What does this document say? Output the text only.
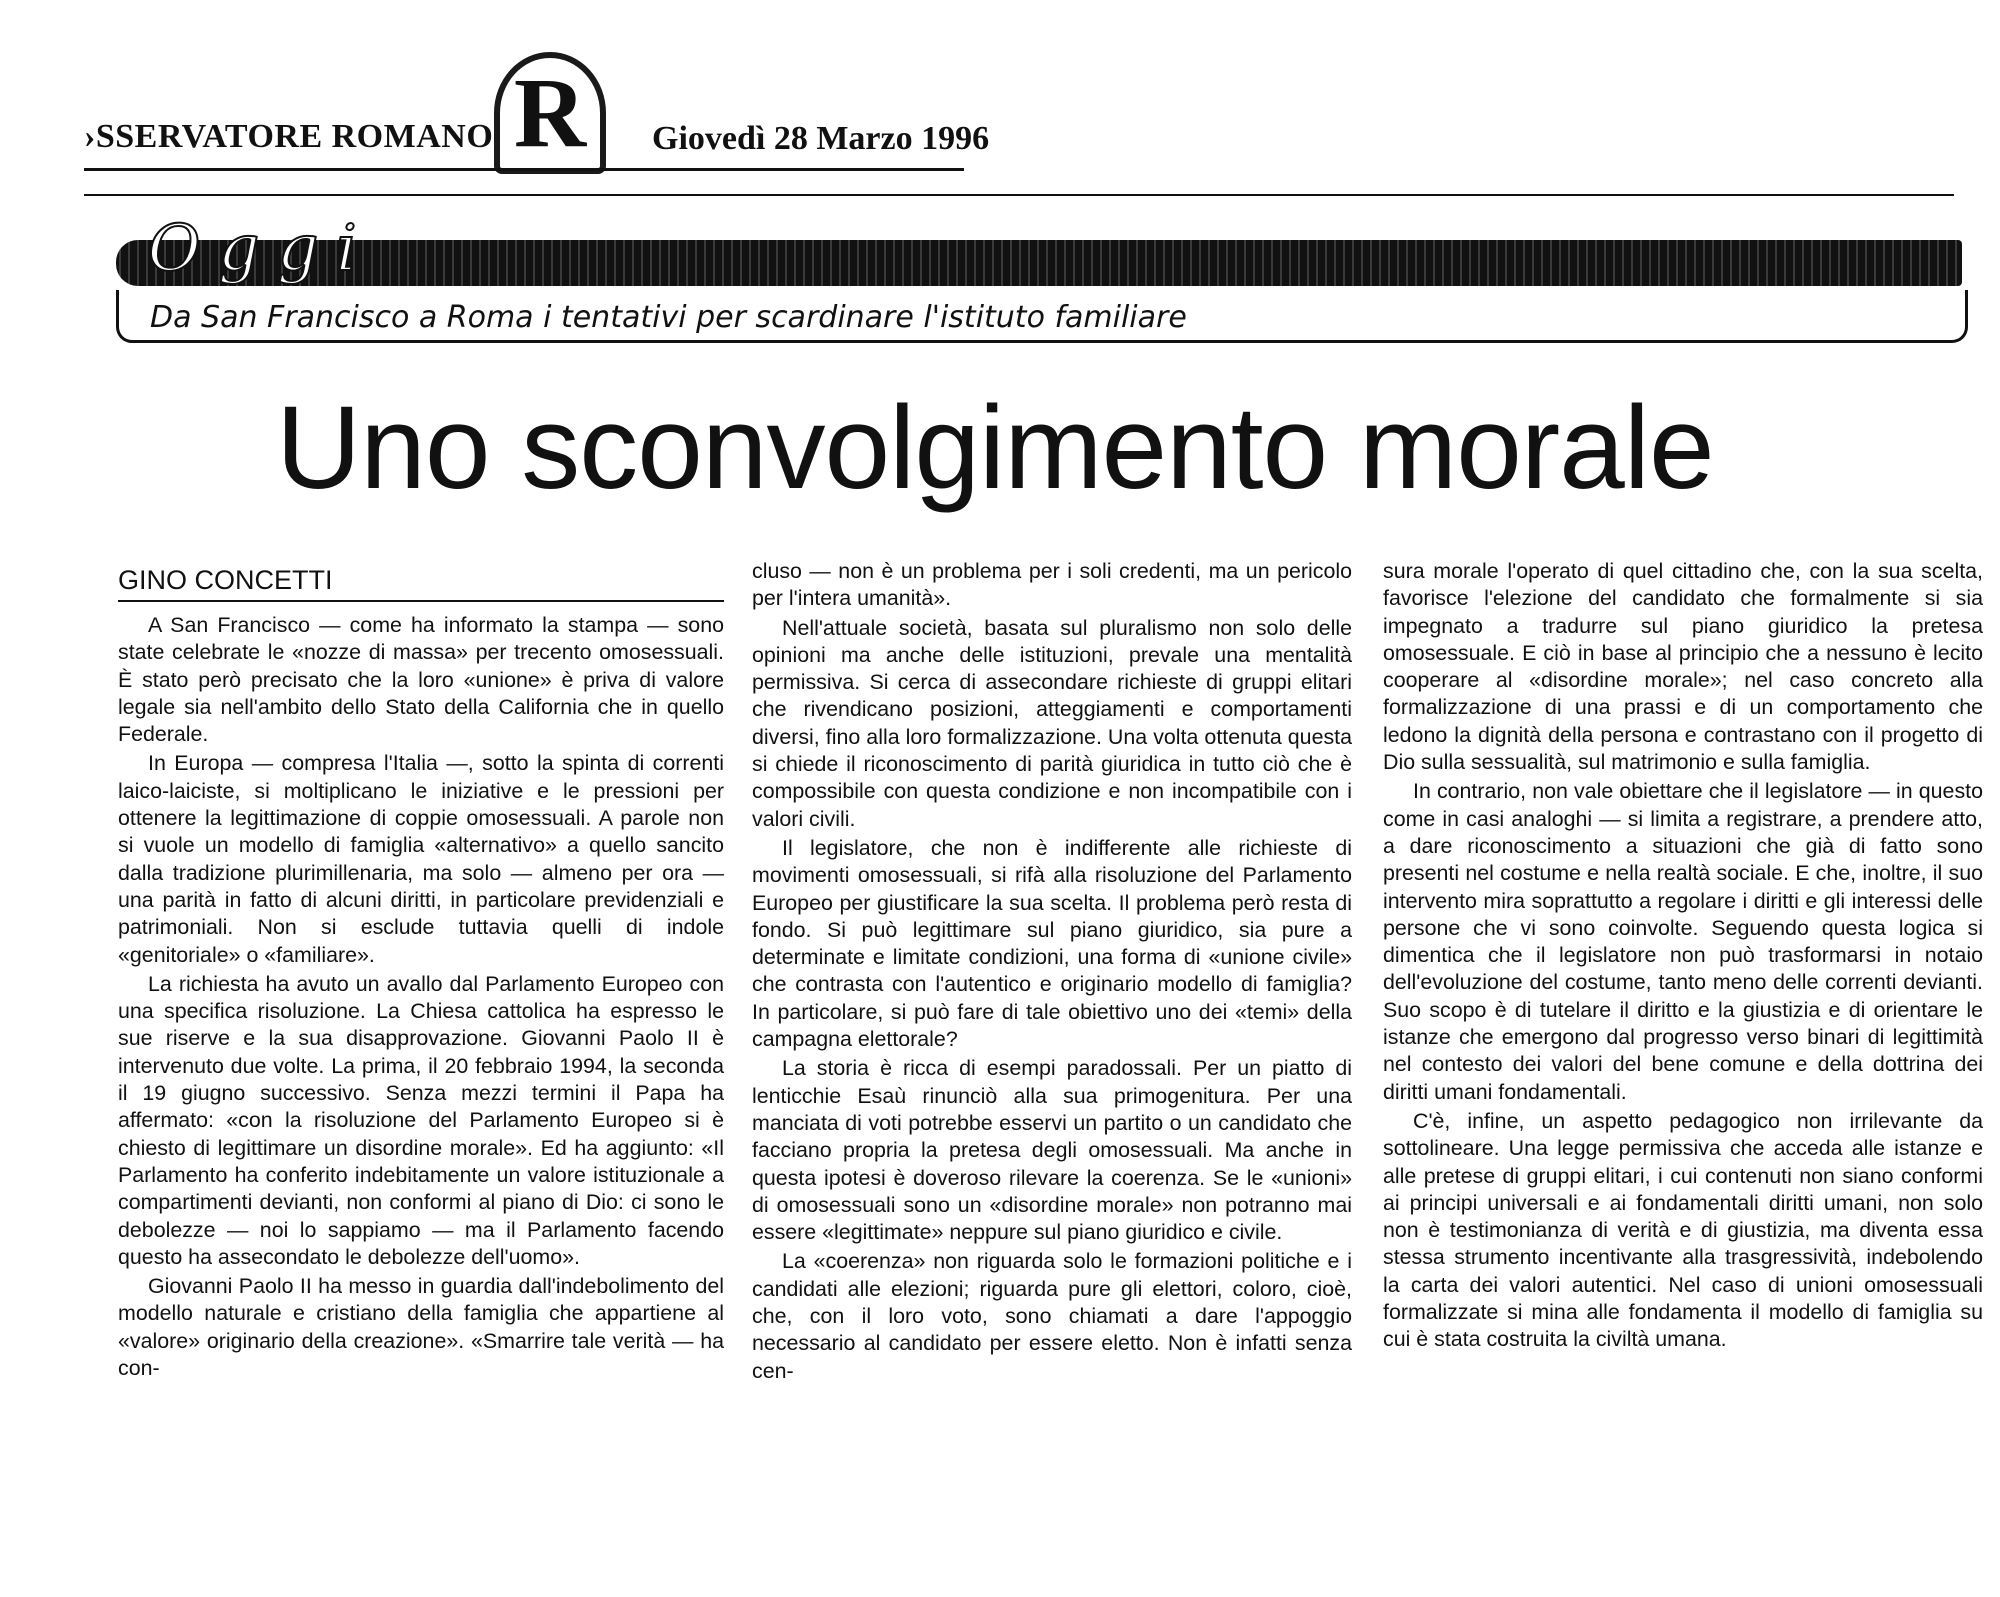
›SSERVATORE ROMANO R Giovedì 28 Marzo 1996
Oggi
Da San Francisco a Roma i tentativi per scardinare l'istituto familiare
Uno sconvolgimento morale
GINO CONCETTI

A San Francisco — come ha informato la stampa — sono state celebrate le «nozze di massa» per trecento omosessuali. È stato però precisato che la loro «unione» è priva di valore legale sia nell'ambito dello Stato della California che in quello Federale.

In Europa — compresa l'Italia —, sotto la spinta di correnti laico-laiciste, si moltiplicano le iniziative e le pressioni per ottenere la legittimazione di coppie omosessuali. A parole non si vuole un modello di famiglia «alternativo» a quello sancito dalla tradizione plurimillenaria, ma solo — almeno per ora — una parità in fatto di alcuni diritti, in particolare previdenziali e patrimoniali. Non si esclude tuttavia quelli di indole «genitoriale» o «familiare».

La richiesta ha avuto un avallo dal Parlamento Europeo con una specifica risoluzione. La Chiesa cattolica ha espresso le sue riserve e la sua disapprovazione. Giovanni Paolo II è intervenuto due volte. La prima, il 20 febbraio 1994, la seconda il 19 giugno successivo. Senza mezzi termini il Papa ha affermato: «con la risoluzione del Parlamento Europeo si è chiesto di legittimare un disordine morale». Ed ha aggiunto: «Il Parlamento ha conferito indebitamente un valore istituzionale a compartimenti devianti, non conformi al piano di Dio: ci sono le debolezze — noi lo sappiamo — ma il Parlamento facendo questo ha assecondato le debolezze dell'uomo».

Giovanni Paolo II ha messo in guardia dall'indebolimento del modello naturale e cristiano della famiglia che appartiene al «valore» originario della creazione». «Smarrire tale verità — ha con-

cluso — non è un problema per i soli credenti, ma un pericolo per l'intera umanità».

Nell'attuale società, basata sul pluralismo non solo delle opinioni ma anche delle istituzioni, prevale una mentalità permissiva. Si cerca di assecondare richieste di gruppi elitari che rivendicano posizioni, atteggiamenti e comportamenti diversi, fino alla loro formalizzazione. Una volta ottenuta questa si chiede il riconoscimento di parità giuridica in tutto ciò che è compossibile con questa condizione e non incompatibile con i valori civili.

Il legislatore, che non è indifferente alle richieste di movimenti omosessuali, si rifà alla risoluzione del Parlamento Europeo per giustificare la sua scelta. Il problema però resta di fondo. Si può legittimare sul piano giuridico, sia pure a determinate e limitate condizioni, una forma di «unione civile» che contrasta con l'autentico e originario modello di famiglia? In particolare, si può fare di tale obiettivo uno dei «temi» della campagna elettorale?

La storia è ricca di esempi paradossali. Per un piatto di lenticchie Esaù rinunciò alla sua primogenitura. Per una manciata di voti potrebbe esservi un partito o un candidato che facciano propria la pretesa degli omosessuali. Ma anche in questa ipotesi è doveroso rilevare la coerenza. Se le «unioni» di omosessuali sono un «disordine morale» non potranno mai essere «legittimate» neppure sul piano giuridico e civile.

La «coerenza» non riguarda solo le formazioni politiche e i candidati alle elezioni; riguarda pure gli elettori, coloro, cioè, che, con il loro voto, sono chiamati a dare l'appoggio necessario al candidato per essere eletto. Non è infatti senza cen-

sura morale l'operato di quel cittadino che, con la sua scelta, favorisce l'elezione del candidato che formalmente si sia impegnato a tradurre sul piano giuridico la pretesa omosessuale. E ciò in base al principio che a nessuno è lecito cooperare al «disordine morale»; nel caso concreto alla formalizzazione di una prassi e di un comportamento che ledono la dignità della persona e contrastano con il progetto di Dio sulla sessualità, sul matrimonio e sulla famiglia.

In contrario, non vale obiettare che il legislatore — in questo come in casi analoghi — si limita a registrare, a prendere atto, a dare riconoscimento a situazioni che già di fatto sono presenti nel costume e nella realtà sociale. E che, inoltre, il suo intervento mira soprattutto a regolare i diritti e gli interessi delle persone che vi sono coinvolte. Seguendo questa logica si dimentica che il legislatore non può trasformarsi in notaio dell'evoluzione del costume, tanto meno delle correnti devianti. Suo scopo è di tutelare il diritto e la giustizia e di orientare le istanze che emergono dal progresso verso binari di legittimità nel contesto dei valori del bene comune e della dottrina dei diritti umani fondamentali.

C'è, infine, un aspetto pedagogico non irrilevante da sottolineare. Una legge permissiva che acceda alle istanze e alle pretese di gruppi elitari, i cui contenuti non siano conformi ai principi universali e ai fondamentali diritti umani, non solo non è testimonianza di verità e di giustizia, ma diventa essa stessa strumento incentivante alla trasgressività, indebolendo la carta dei valori autentici. Nel caso di unioni omosessuali formalizzate si mina alle fondamenta il modello di famiglia su cui è stata costruita la civiltà umana.
